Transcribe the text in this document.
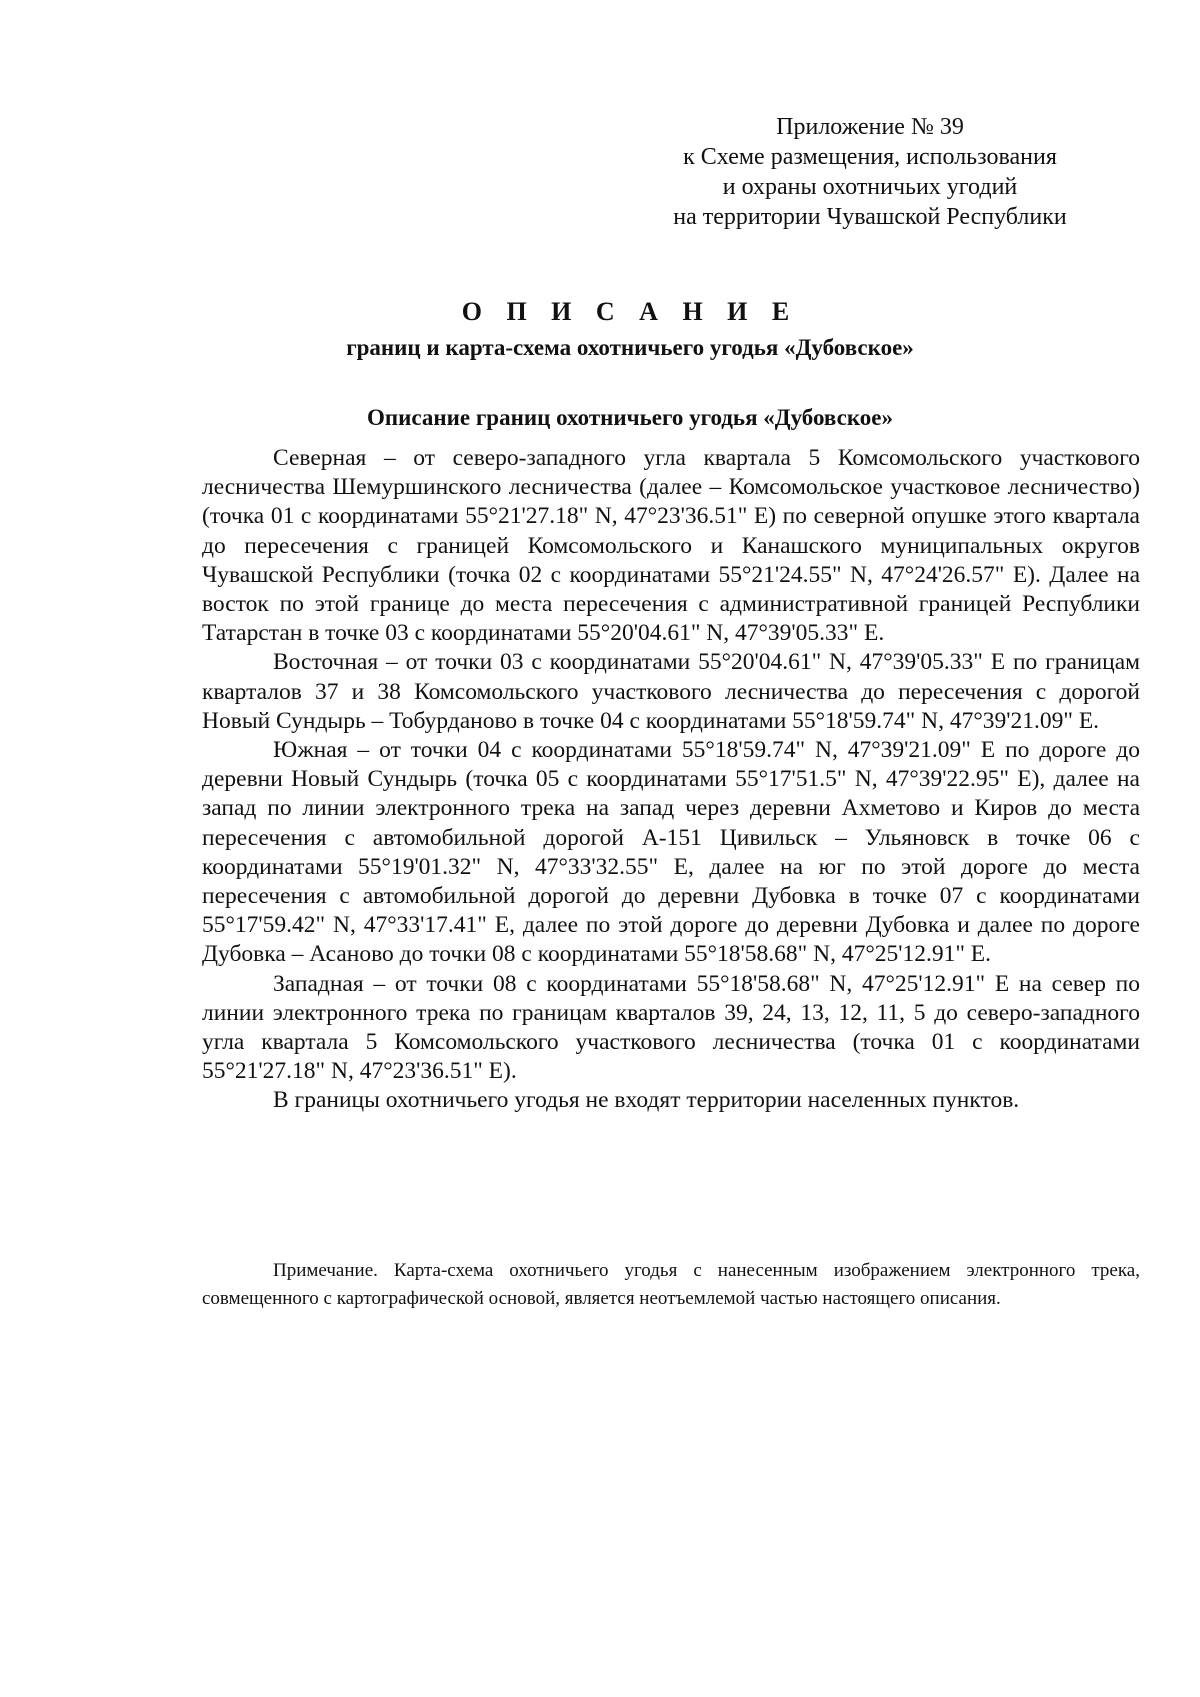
Приложение № 39
к Схеме размещения, использования
и охраны охотничьих угодий
на территории Чувашской Республики
О П И С А Н И Е
границ и карта-схема охотничьего угодья «Дубовское»
Описание границ охотничьего угодья «Дубовское»

Северная – от северо-западного угла квартала 5 Комсомольского участкового лесничества Шемуршинского лесничества (далее – Комсомольское участковое лесничество) (точка 01 с координатами 55°21'27.18" N, 47°23'36.51" E) по северной опушке этого квартала до пересечения с границей Комсомольского и Канашского муниципальных округов Чувашской Республики (точка 02 с координатами 55°21'24.55" N, 47°24'26.57" E). Далее на восток по этой границе до места пересечения с административной границей Республики Татарстан в точке 03 с координатами 55°20'04.61" N, 47°39'05.33" E.

Восточная – от точки 03 с координатами 55°20'04.61" N, 47°39'05.33" E по границам кварталов 37 и 38 Комсомольского участкового лесничества до пересечения с дорогой Новый Сундырь – Тобурданово в точке 04 с координатами 55°18'59.74" N, 47°39'21.09" E.

Южная – от точки 04 с координатами 55°18'59.74" N, 47°39'21.09" E по дороге до деревни Новый Сундырь (точка 05 с координатами 55°17'51.5" N, 47°39'22.95" E), далее на запад по линии электронного трека на запад через деревни Ахметово и Киров до места пересечения с автомобильной дорогой А-151 Цивильск – Ульяновск в точке 06 с координатами 55°19'01.32" N, 47°33'32.55" E, далее на юг по этой дороге до места пересечения с автомобильной дорогой до деревни Дубовка в точке 07 с координатами 55°17'59.42" N, 47°33'17.41" E, далее по этой дороге до деревни Дубовка и далее по дороге Дубовка – Асаново до точки 08 с координатами 55°18'58.68" N, 47°25'12.91" E.

Западная – от точки 08 с координатами 55°18'58.68" N, 47°25'12.91" E на север по линии электронного трека по границам кварталов 39, 24, 13, 12, 11, 5 до северо-западного угла квартала 5 Комсомольского участкового лесничества (точка 01 с координатами 55°21'27.18" N, 47°23'36.51" E).

В границы охотничьего угодья не входят территории населенных пунктов.

Примечание. Карта-схема охотничьего угодья с нанесенным изображением электронного трека, совмещенного с картографической основой, является неотъемлемой частью настоящего описания.
